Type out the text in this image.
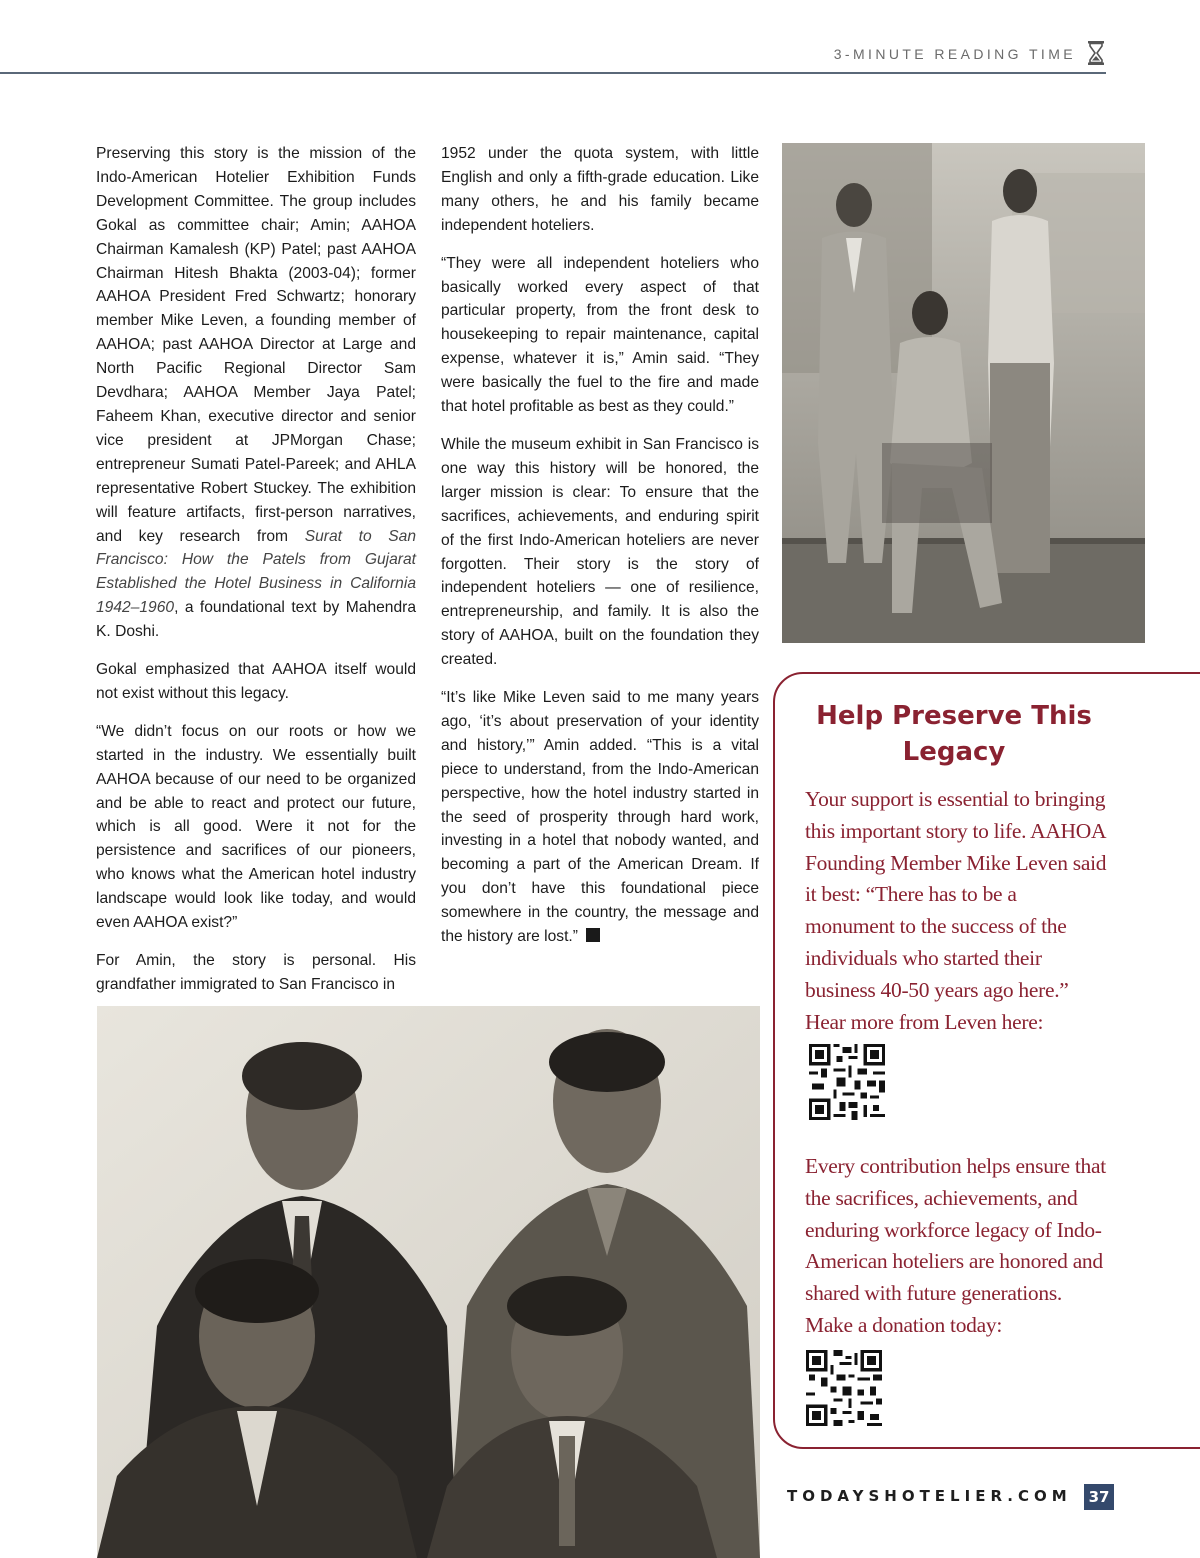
3-MINUTE READING TIME

Preserving this story is the mission of the Indo-American Hotelier Exhibition Funds Development Committee. The group includes Gokal as committee chair; Amin; AAHOA Chairman Kamalesh (KP) Patel; past AAHOA Chairman Hitesh Bhakta (2003-04); former AAHOA President Fred Schwartz; honorary member Mike Leven, a founding member of AAHOA; past AAHOA Director at Large and North Pacific Regional Director Sam Devdhara; AAHOA Member Jaya Patel; Faheem Khan, executive director and senior vice president at JPMorgan Chase; entrepreneur Sumati Patel-Pareek; and AHLA representative Robert Stuckey. The exhibition will feature artifacts, first-person narratives, and key research from Surat to San Francisco: How the Patels from Gujarat Established the Hotel Business in California 1942–1960, a foundational text by Mahendra K. Doshi.

Gokal emphasized that AAHOA itself would not exist without this legacy.

“We didn’t focus on our roots or how we started in the industry. We essentially built AAHOA because of our need to be organized and be able to react and protect our future, which is all good. Were it not for the persistence and sacrifices of our pioneers, who knows what the American hotel industry landscape would look like today, and would even AAHOA exist?”

For Amin, the story is personal. His grandfather immigrated to San Francisco in

1952 under the quota system, with little English and only a fifth-grade education. Like many others, he and his family became independent hoteliers.

“They were all independent hoteliers who basically worked every aspect of that particular property, from the front desk to housekeeping to repair maintenance, capital expense, whatever it is,” Amin said. “They were basically the fuel to the fire and made that hotel profitable as best as they could.”

While the museum exhibit in San Francisco is one way this history will be honored, the larger mission is clear: To ensure that the sacrifices, achievements, and enduring spirit of the first Indo-American hoteliers are never forgotten. Their story is the story of independent hoteliers — one of resilience, entrepreneurship, and family. It is also the story of AAHOA, built on the foundation they created.

“It’s like Mike Leven said to me many years ago, ‘it’s about preservation of your identity and history,’” Amin added. “This is a vital piece to understand, from the Indo-American perspective, how the hotel industry started in the seed of prosperity through hard work, investing in a hotel that nobody wanted, and becoming a part of the American Dream. If you don’t have this foundational piece somewhere in the country, the message and the history are lost.”

Help Preserve This Legacy
Your support is essential to bringing this important story to life. AAHOA Founding Member Mike Leven said it best: “There has to be a monument to the success of the individuals who started their business 40-50 years ago here.” Hear more from Leven here:
Every contribution helps ensure that the sacrifices, achievements, and enduring workforce legacy of Indo-American hoteliers are honored and shared with future generations. Make a donation today:
TODAYSHOTELIER.COM	37
